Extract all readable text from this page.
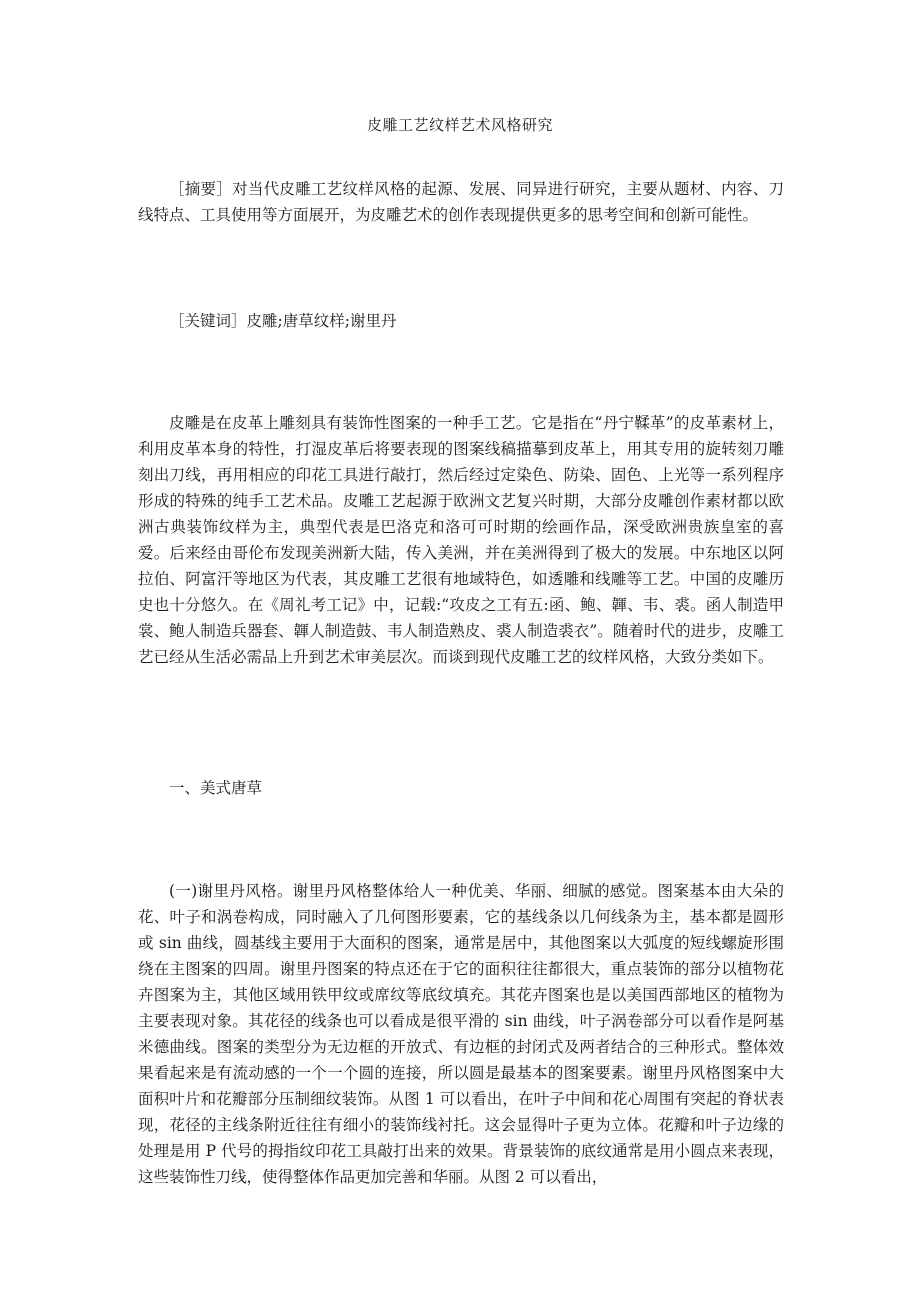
皮雕工艺纹样艺术风格研究

［摘要］对当代皮雕工艺纹样风格的起源、发展、同异进行研究，主要从题材、内容、刀线特点、工具使用等方面展开，为皮雕艺术的创作表现提供更多的思考空间和创新可能性。

［关键词］皮雕;唐草纹样;谢里丹

皮雕是在皮革上雕刻具有装饰性图案的一种手工艺。它是指在“丹宁鞣革”的皮革素材上，利用皮革本身的特性，打湿皮革后将要表现的图案线稿描摹到皮革上，用其专用的旋转刻刀雕刻出刀线，再用相应的印花工具进行敲打，然后经过定染色、防染、固色、上光等一系列程序形成的特殊的纯手工艺术品。皮雕工艺起源于欧洲文艺复兴时期，大部分皮雕创作素材都以欧洲古典装饰纹样为主，典型代表是巴洛克和洛可可时期的绘画作品，深受欧洲贵族皇室的喜爱。后来经由哥伦布发现美洲新大陆，传入美洲，并在美洲得到了极大的发展。中东地区以阿拉伯、阿富汗等地区为代表，其皮雕工艺很有地域特色，如透雕和线雕等工艺。中国的皮雕历史也十分悠久。在《周礼考工记》中，记载:“攻皮之工有五:函、鲍、韗、韦、裘。函人制造甲裳、鲍人制造兵器套、韗人制造鼓、韦人制造熟皮、裘人制造裘衣”。随着时代的进步，皮雕工艺已经从生活必需品上升到艺术审美层次。而谈到现代皮雕工艺的纹样风格，大致分类如下。

一、美式唐草

(一)谢里丹风格。谢里丹风格整体给人一种优美、华丽、细腻的感觉。图案基本由大朵的花、叶子和涡卷构成，同时融入了几何图形要素，它的基线条以几何线条为主，基本都是圆形或 sin 曲线，圆基线主要用于大面积的图案，通常是居中，其他图案以大弧度的短线螺旋形围绕在主图案的四周。谢里丹图案的特点还在于它的面积往往都很大，重点装饰的部分以植物花卉图案为主，其他区域用铁甲纹或席纹等底纹填充。其花卉图案也是以美国西部地区的植物为主要表现对象。其花径的线条也可以看成是很平滑的 sin 曲线，叶子涡卷部分可以看作是阿基米德曲线。图案的类型分为无边框的开放式、有边框的封闭式及两者结合的三种形式。整体效果看起来是有流动感的一个一个圆的连接，所以圆是最基本的图案要素。谢里丹风格图案中大面积叶片和花瓣部分压制细纹装饰。从图 1 可以看出，在叶子中间和花心周围有突起的脊状表现，花径的主线条附近往往有细小的装饰线衬托。这会显得叶子更为立体。花瓣和叶子边缘的处理是用 P 代号的拇指纹印花工具敲打出来的效果。背景装饰的底纹通常是用小圆点来表现，这些装饰性刀线，使得整体作品更加完善和华丽。从图 2 可以看出，
